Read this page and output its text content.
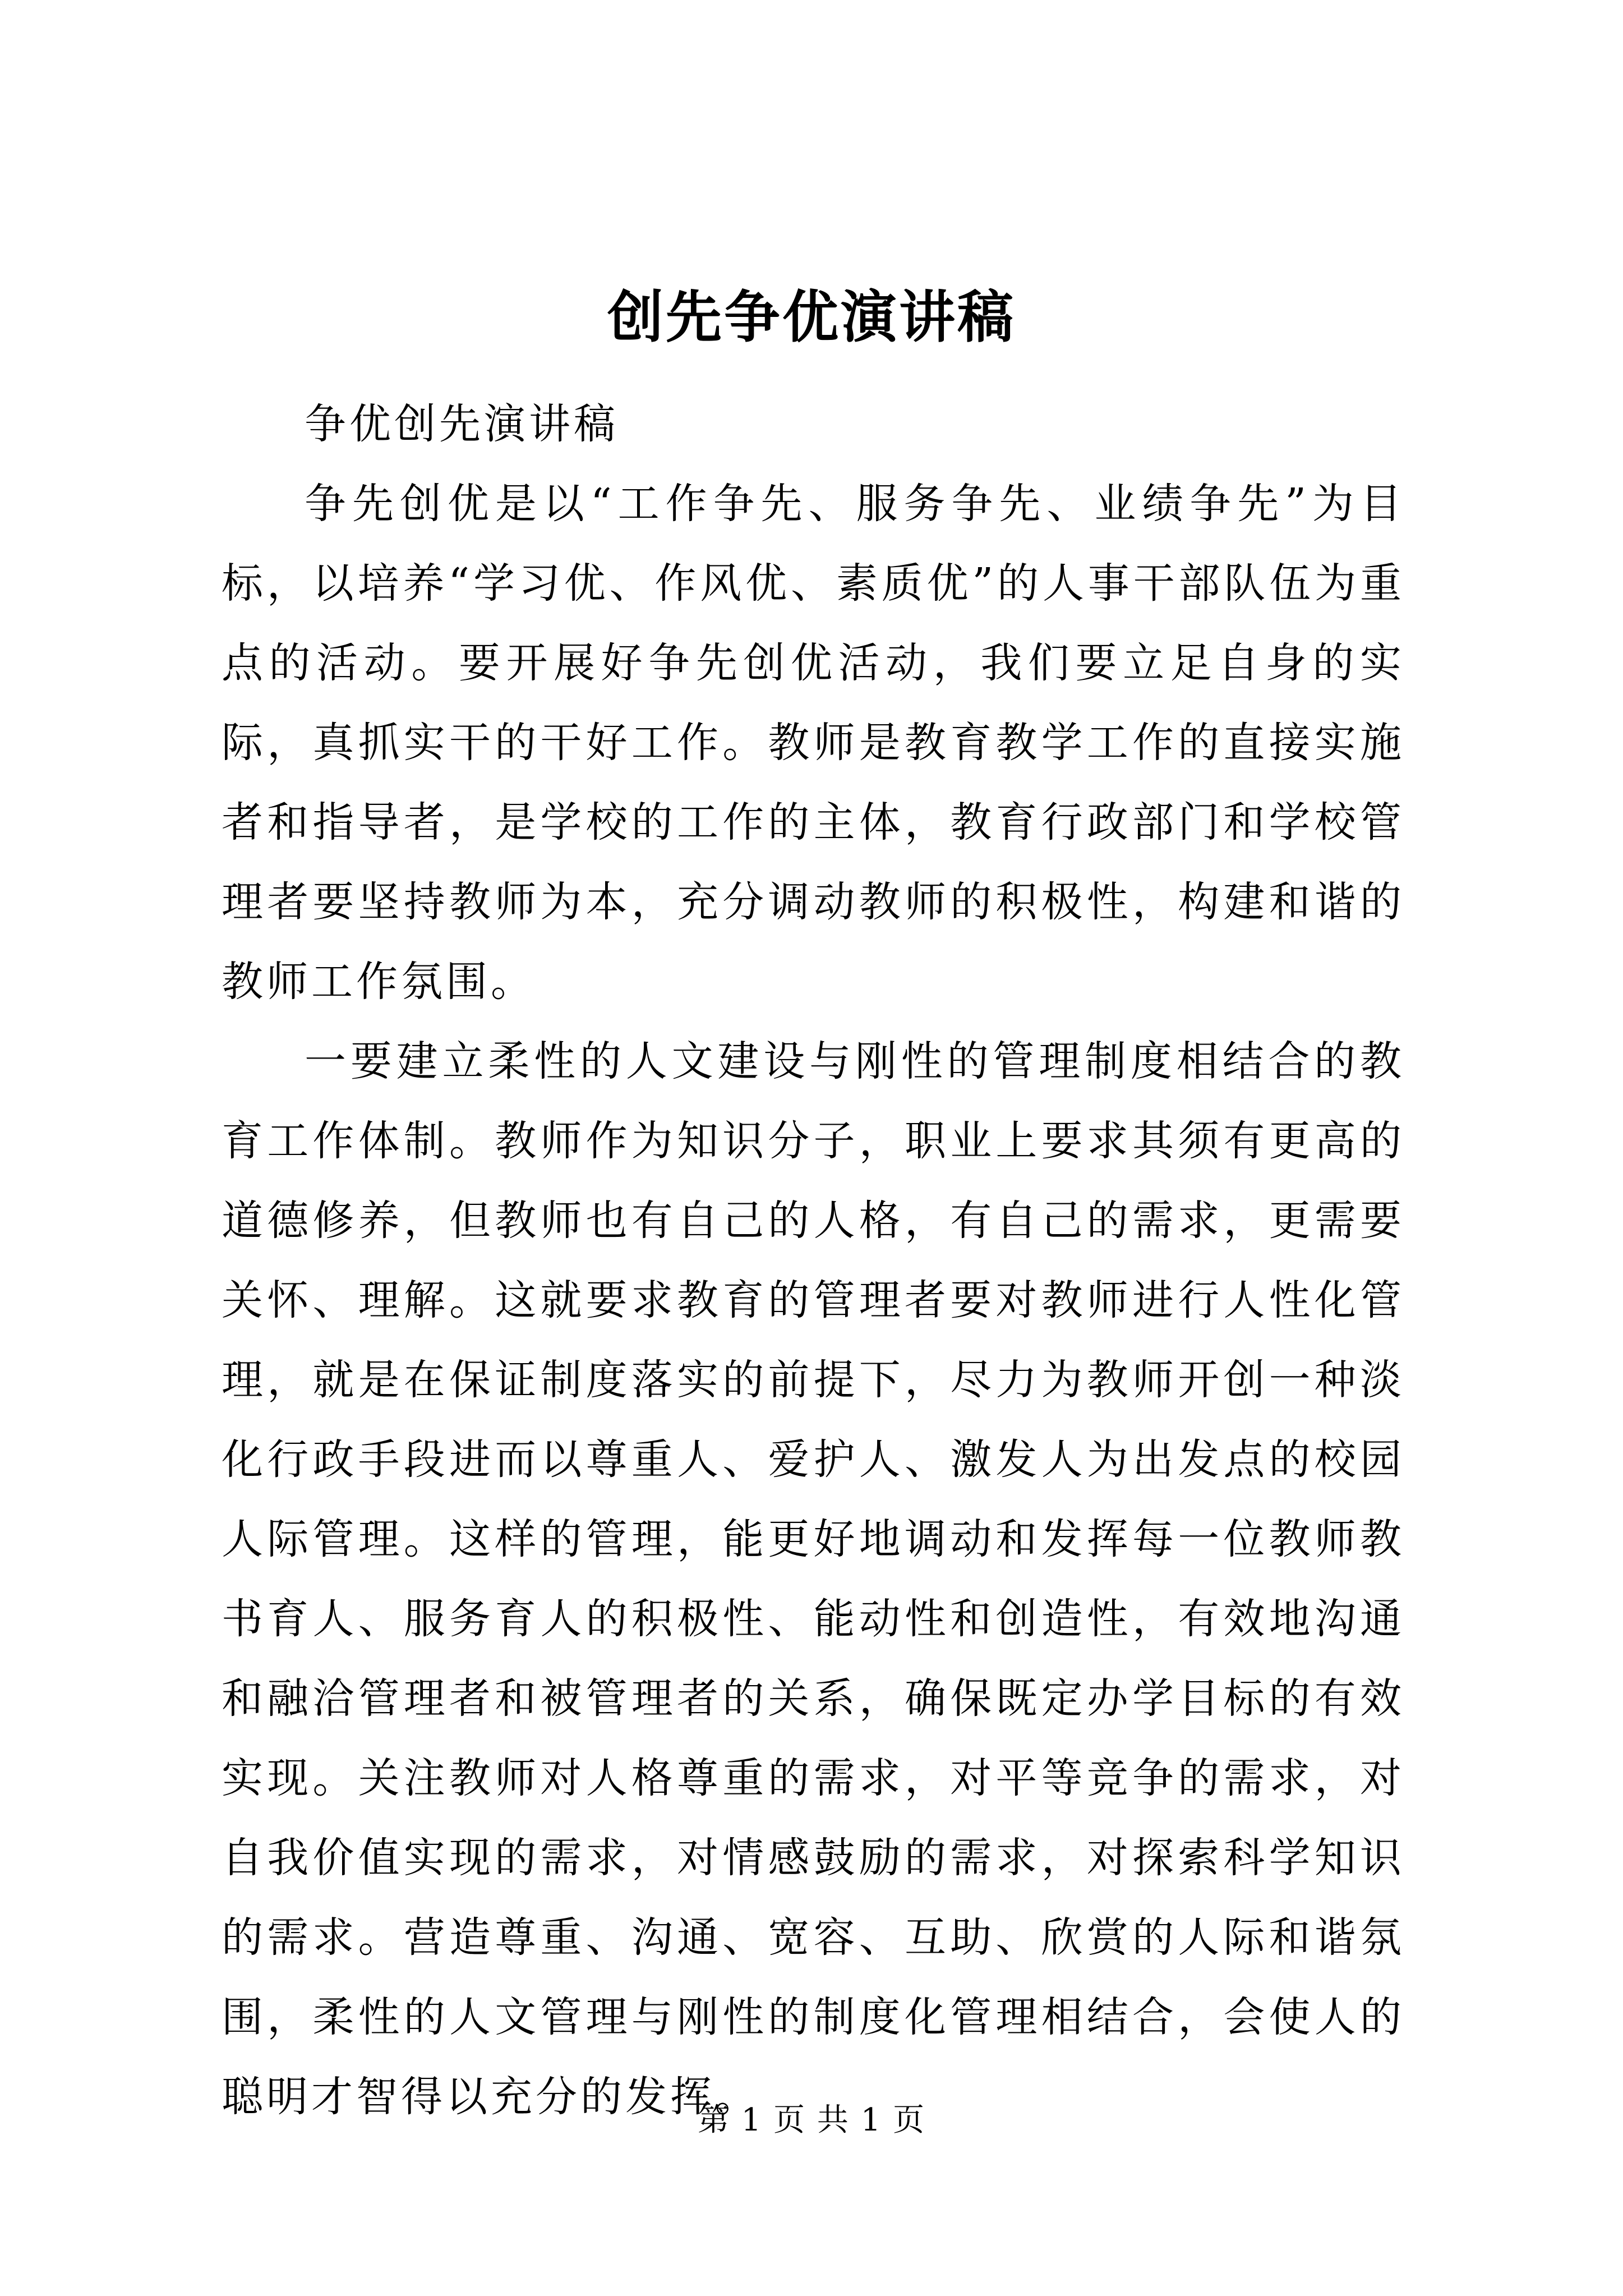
创先争优演讲稿

争优创先演讲稿

争先创优是以“工作争先、服务争先、业绩争先”为目标，以培养“学习优、作风优、素质优”的人事干部队伍为重点的活动。要开展好争先创优活动，我们要立足自身的实际，真抓实干的干好工作。教师是教育教学工作的直接实施者和指导者，是学校的工作的主体，教育行政部门和学校管理者要坚持教师为本，充分调动教师的积极性，构建和谐的教师工作氛围。

一要建立柔性的人文建设与刚性的管理制度相结合的教育工作体制。教师作为知识分子，职业上要求其须有更高的道德修养，但教师也有自己的人格，有自己的需求，更需要关怀、理解。这就要求教育的管理者要对教师进行人性化管理，就是在保证制度落实的前提下，尽力为教师开创一种淡化行政手段进而以尊重人、爱护人、激发人为出发点的校园人际管理。这样的管理，能更好地调动和发挥每一位教师教书育人、服务育人的积极性、能动性和创造性，有效地沟通和融洽管理者和被管理者的关系，确保既定办学目标的有效实现。关注教师对人格尊重的需求，对平等竞争的需求，对自我价值实现的需求，对情感鼓励的需求，对探索科学知识的需求。营造尊重、沟通、宽容、互助、欣赏的人际和谐氛围，柔性的人文管理与刚性的制度化管理相结合，会使人的聪明才智得以充分的发挥。

第 1 页 共 1 页
